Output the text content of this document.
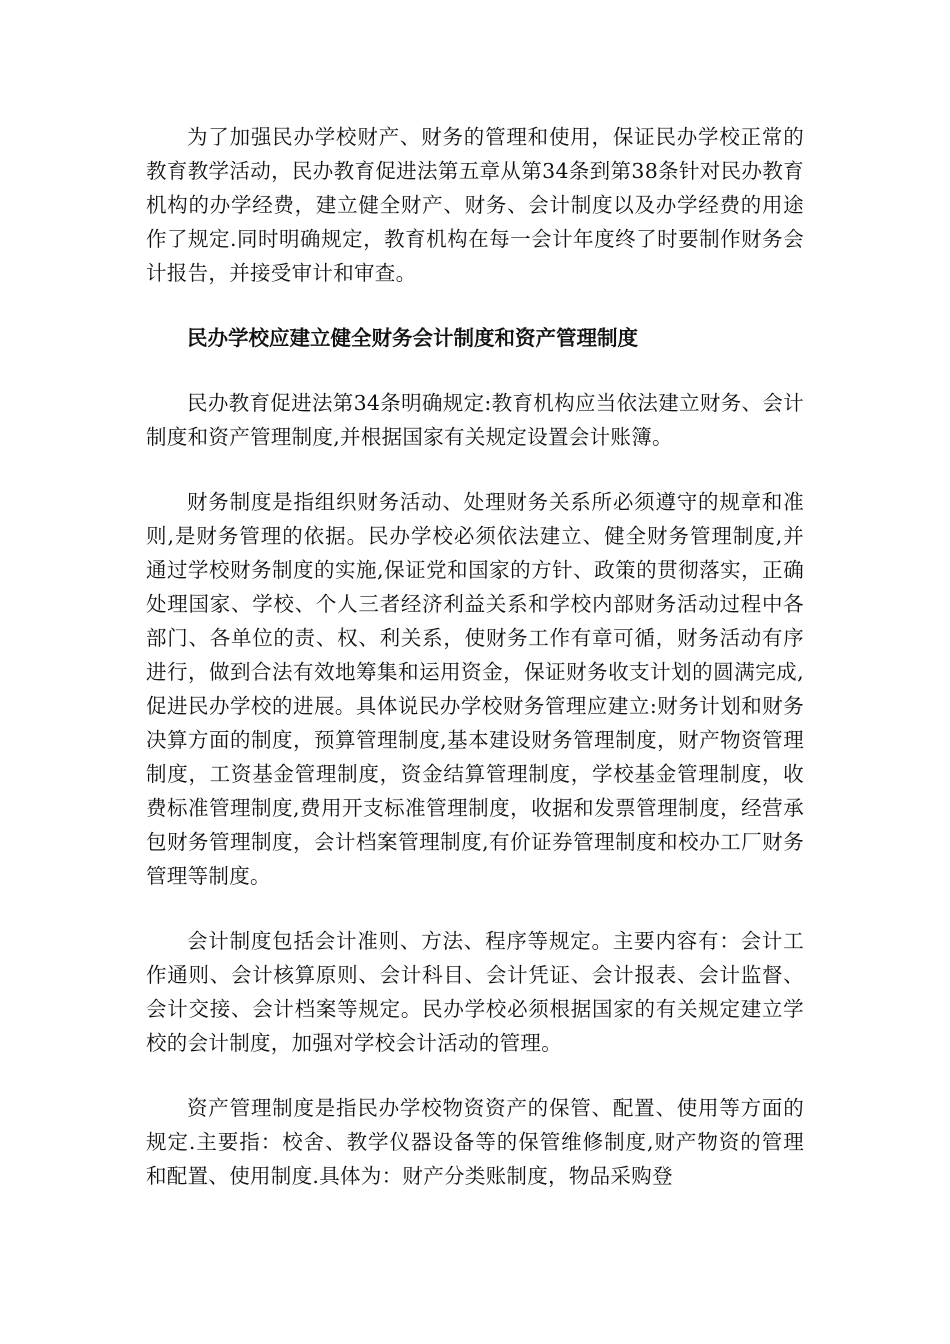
为了加强民办学校财产、财务的管理和使用，保证民办学校正常的教育教学活动，民办教育促进法第五章从第34条到第38条针对民办教育机构的办学经费，建立健全财产、财务、会计制度以及办学经费的用途作了规定.同时明确规定，教育机构在每一会计年度终了时要制作财务会计报告，并接受审计和审查。

民办学校应建立健全财务会计制度和资产管理制度

民办教育促进法第34条明确规定:教育机构应当依法建立财务、会计制度和资产管理制度,并根据国家有关规定设置会计账簿。

财务制度是指组织财务活动、处理财务关系所必须遵守的规章和准则,是财务管理的依据。民办学校必须依法建立、健全财务管理制度,并通过学校财务制度的实施,保证党和国家的方针、政策的贯彻落实，正确处理国家、学校、个人三者经济利益关系和学校内部财务活动过程中各部门、各单位的责、权、利关系，使财务工作有章可循，财务活动有序进行，做到合法有效地筹集和运用资金，保证财务收支计划的圆满完成,促进民办学校的进展。具体说民办学校财务管理应建立:财务计划和财务决算方面的制度，预算管理制度,基本建设财务管理制度，财产物资管理制度，工资基金管理制度，资金结算管理制度，学校基金管理制度，收费标准管理制度,费用开支标准管理制度，收据和发票管理制度，经营承包财务管理制度，会计档案管理制度,有价证券管理制度和校办工厂财务管理等制度。

会计制度包括会计准则、方法、程序等规定。主要内容有：会计工作通则、会计核算原则、会计科目、会计凭证、会计报表、会计监督、会计交接、会计档案等规定。民办学校必须根据国家的有关规定建立学校的会计制度，加强对学校会计活动的管理。

资产管理制度是指民办学校物资资产的保管、配置、使用等方面的规定.主要指：校舍、教学仪器设备等的保管维修制度,财产物资的管理和配置、使用制度.具体为：财产分类账制度，物品采购登
